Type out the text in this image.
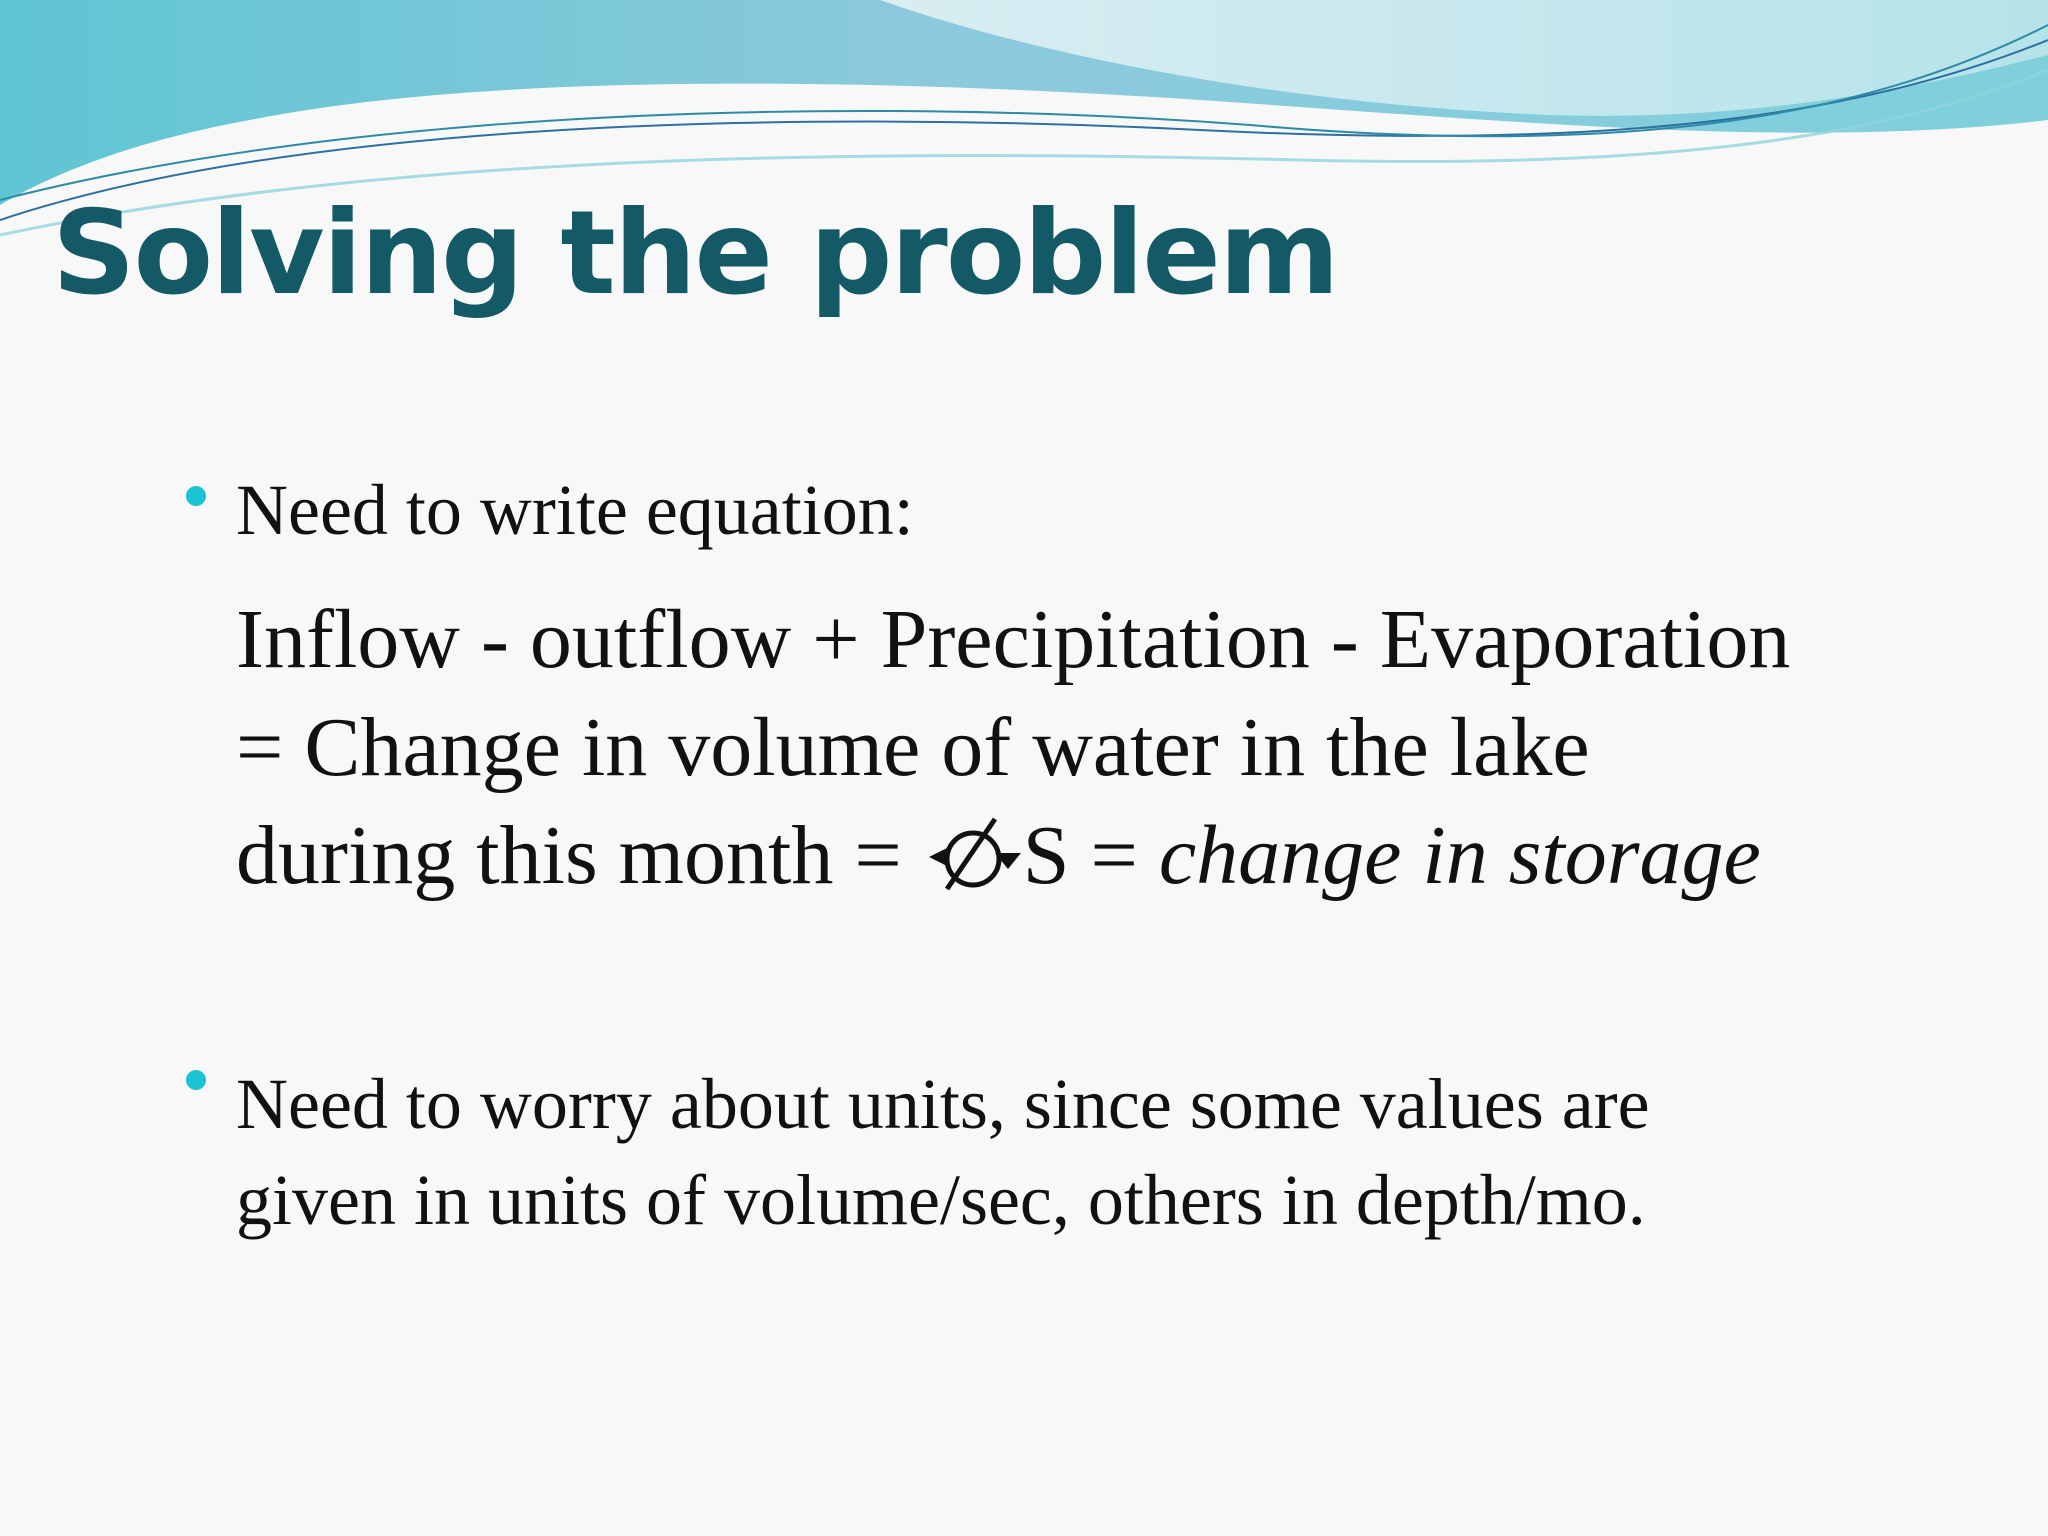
Solving the problem

Need to write equation:

Inflow - outflow + Precipitation - Evaporation
= Change in volume of water in the lake
during this month = S = change in storage
Need to worry about units, since some values are
given in units of volume/sec, others in depth/mo.
